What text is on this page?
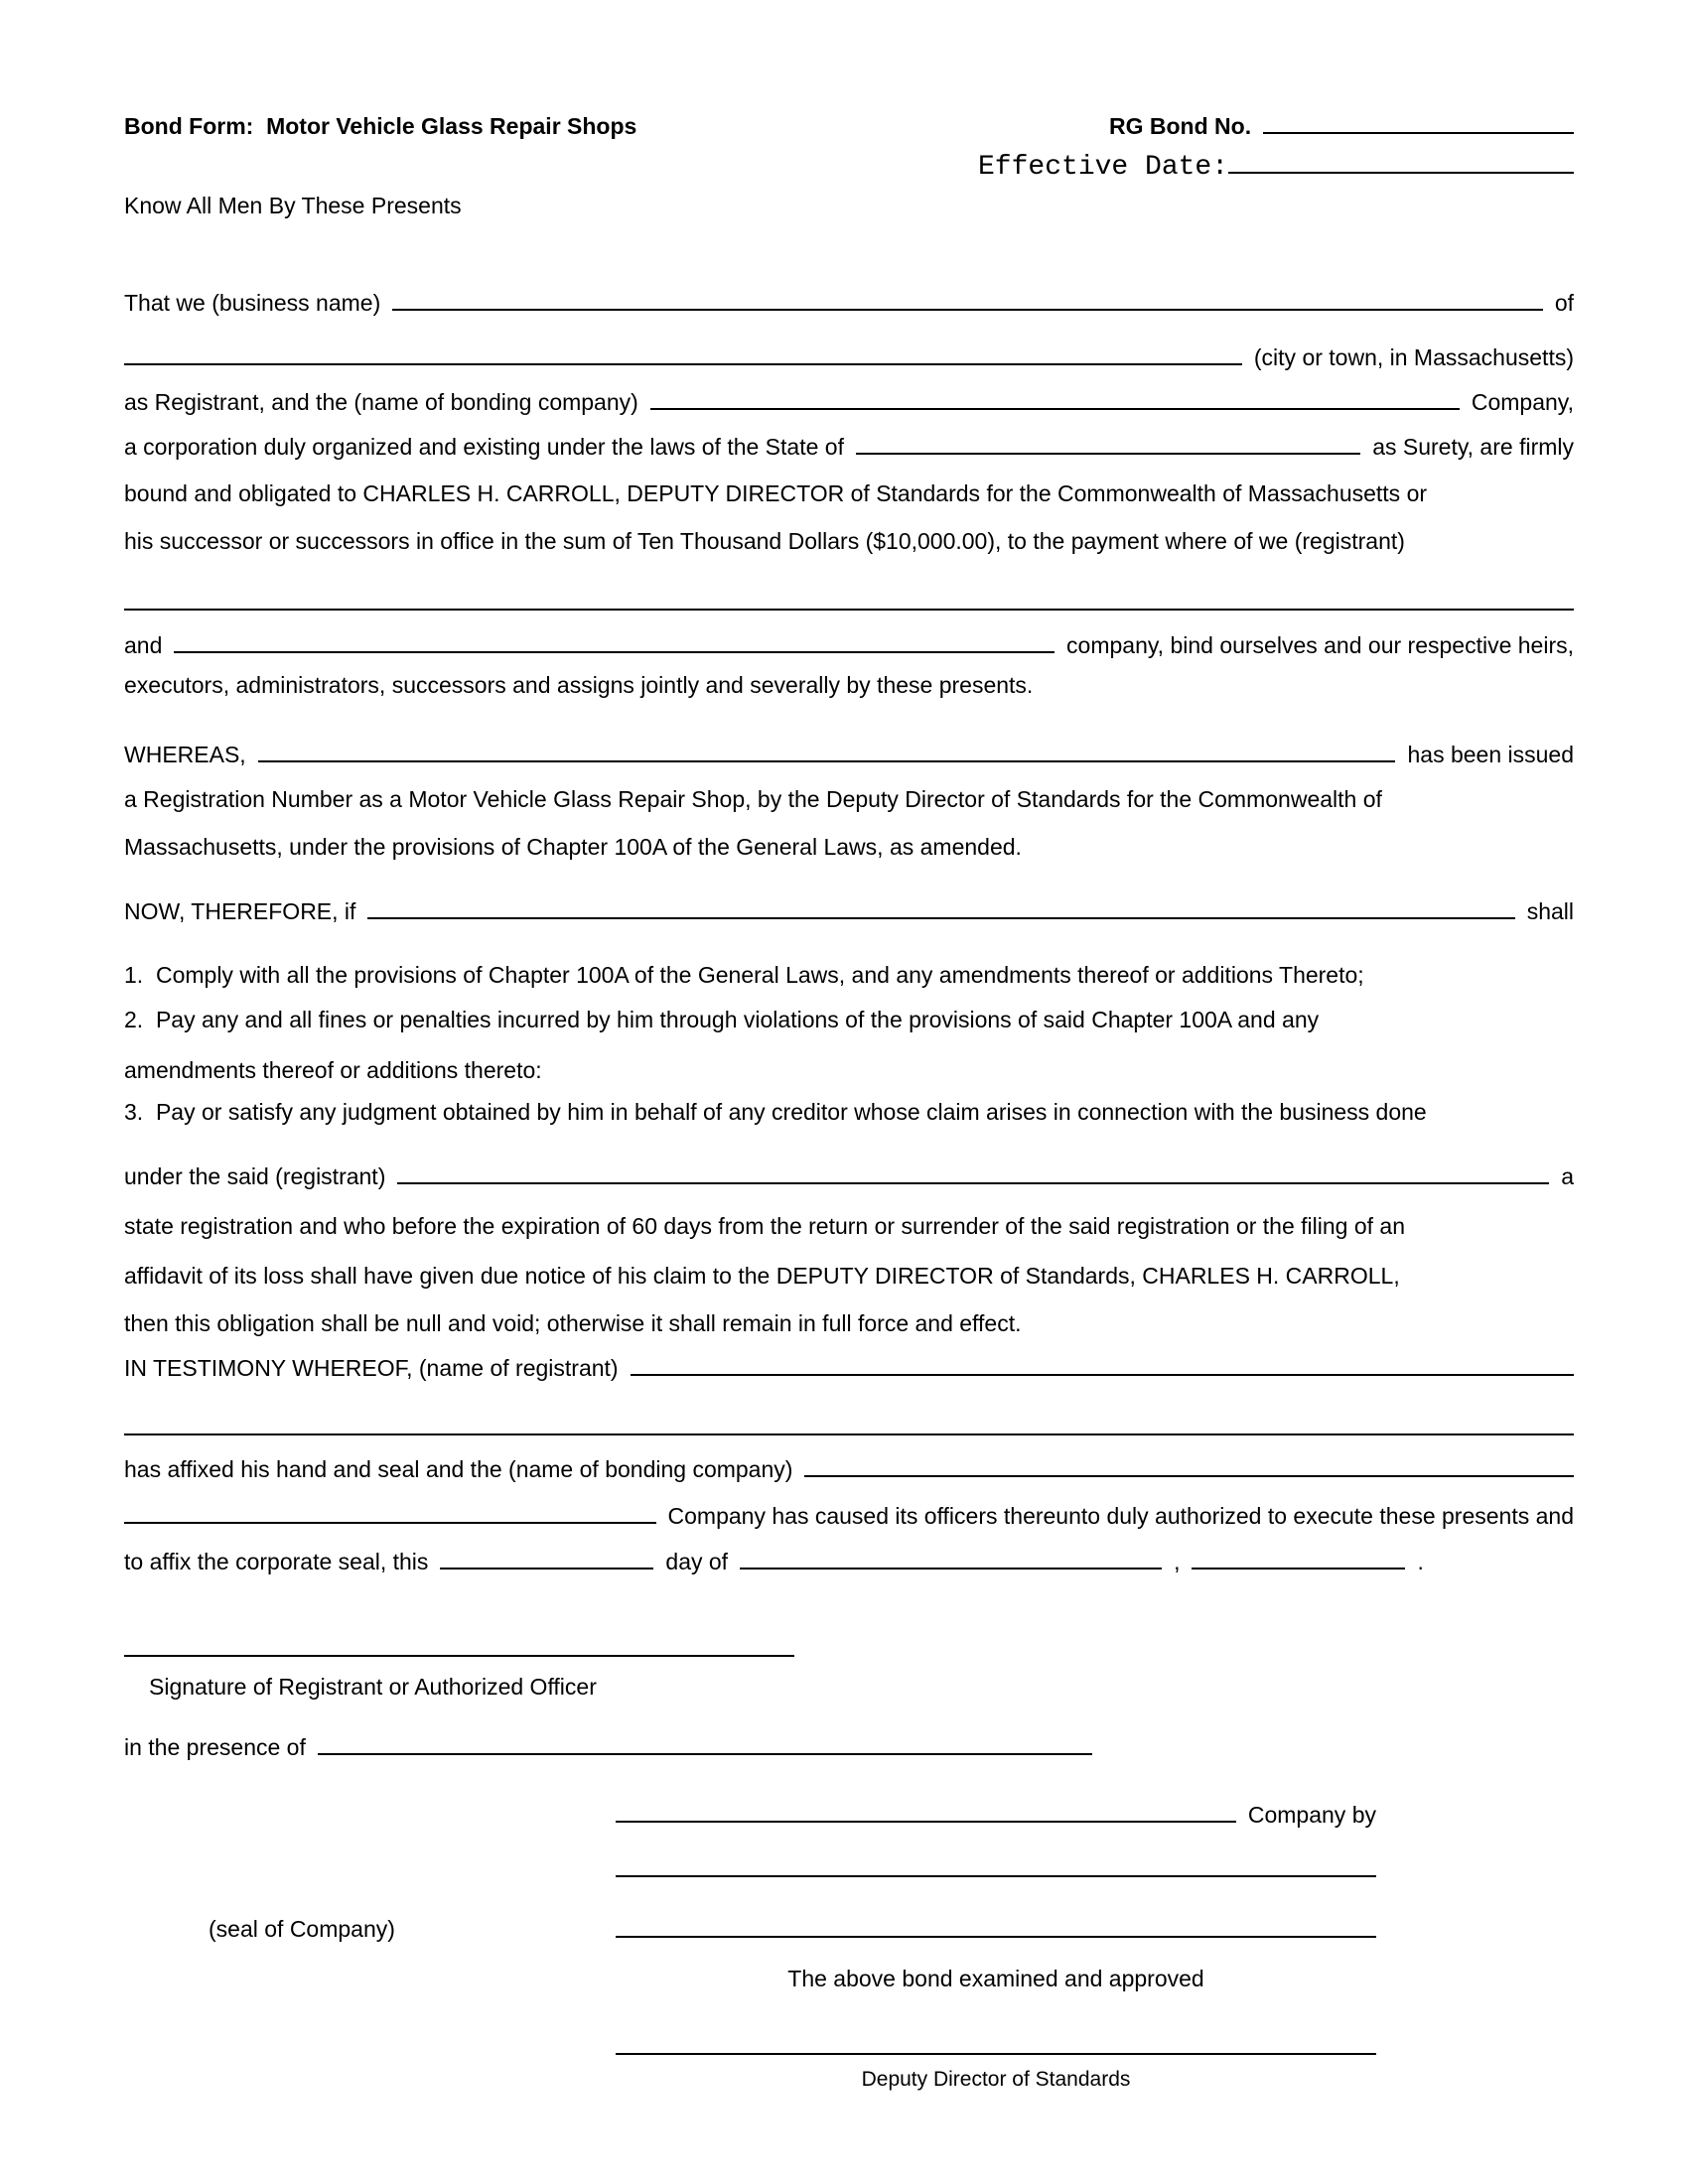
Bond Form:  Motor Vehicle Glass Repair Shops	RG Bond No.
Effective Date:
Know All Men By These Presents
That we (business name)	of
(city or town, in Massachusetts)
as Registrant, and the (name of bonding company)	Company,
a corporation duly organized and existing under the laws of the State of	as Surety, are firmly
bound and obligated to CHARLES H. CARROLL, DEPUTY DIRECTOR of Standards for the Commonwealth of Massachusetts or
his successor or successors in office in the sum of Ten Thousand Dollars ($10,000.00), to the payment where of we (registrant)
and	company, bind ourselves and our respective heirs,
executors, administrators, successors and assigns jointly and severally by these presents.
WHEREAS,	has been issued
a Registration Number as a Motor Vehicle Glass Repair Shop, by the Deputy Director of Standards for the Commonwealth of
Massachusetts, under the provisions of Chapter 100A of the General Laws, as amended.
NOW, THEREFORE, if	shall
1.  Comply with all the provisions of Chapter 100A of the General Laws, and any amendments thereof or additions Thereto;
2.  Pay any and all fines or penalties incurred by him through violations of the provisions of said Chapter 100A and any
amendments thereof or additions thereto:
3.  Pay or satisfy any judgment obtained by him in behalf of any creditor whose claim arises in connection with the business done
under the said (registrant)	a
state registration and who before the expiration of 60 days from the return or surrender of the said registration or the filing of an
affidavit of its loss shall have given due notice of his claim to the DEPUTY DIRECTOR of Standards, CHARLES H. CARROLL,
then this obligation shall be null and void; otherwise it shall remain in full force and effect.
IN TESTIMONY WHEREOF, (name of registrant)
has affixed his hand and seal and the (name of bonding company)
Company has caused its officers thereunto duly authorized to execute these presents and
to affix the corporate seal, this	day of	,	.
Signature of Registrant or Authorized Officer
in the presence of
Company by
(seal of Company)
The above bond examined and approved
Deputy Director of Standards
